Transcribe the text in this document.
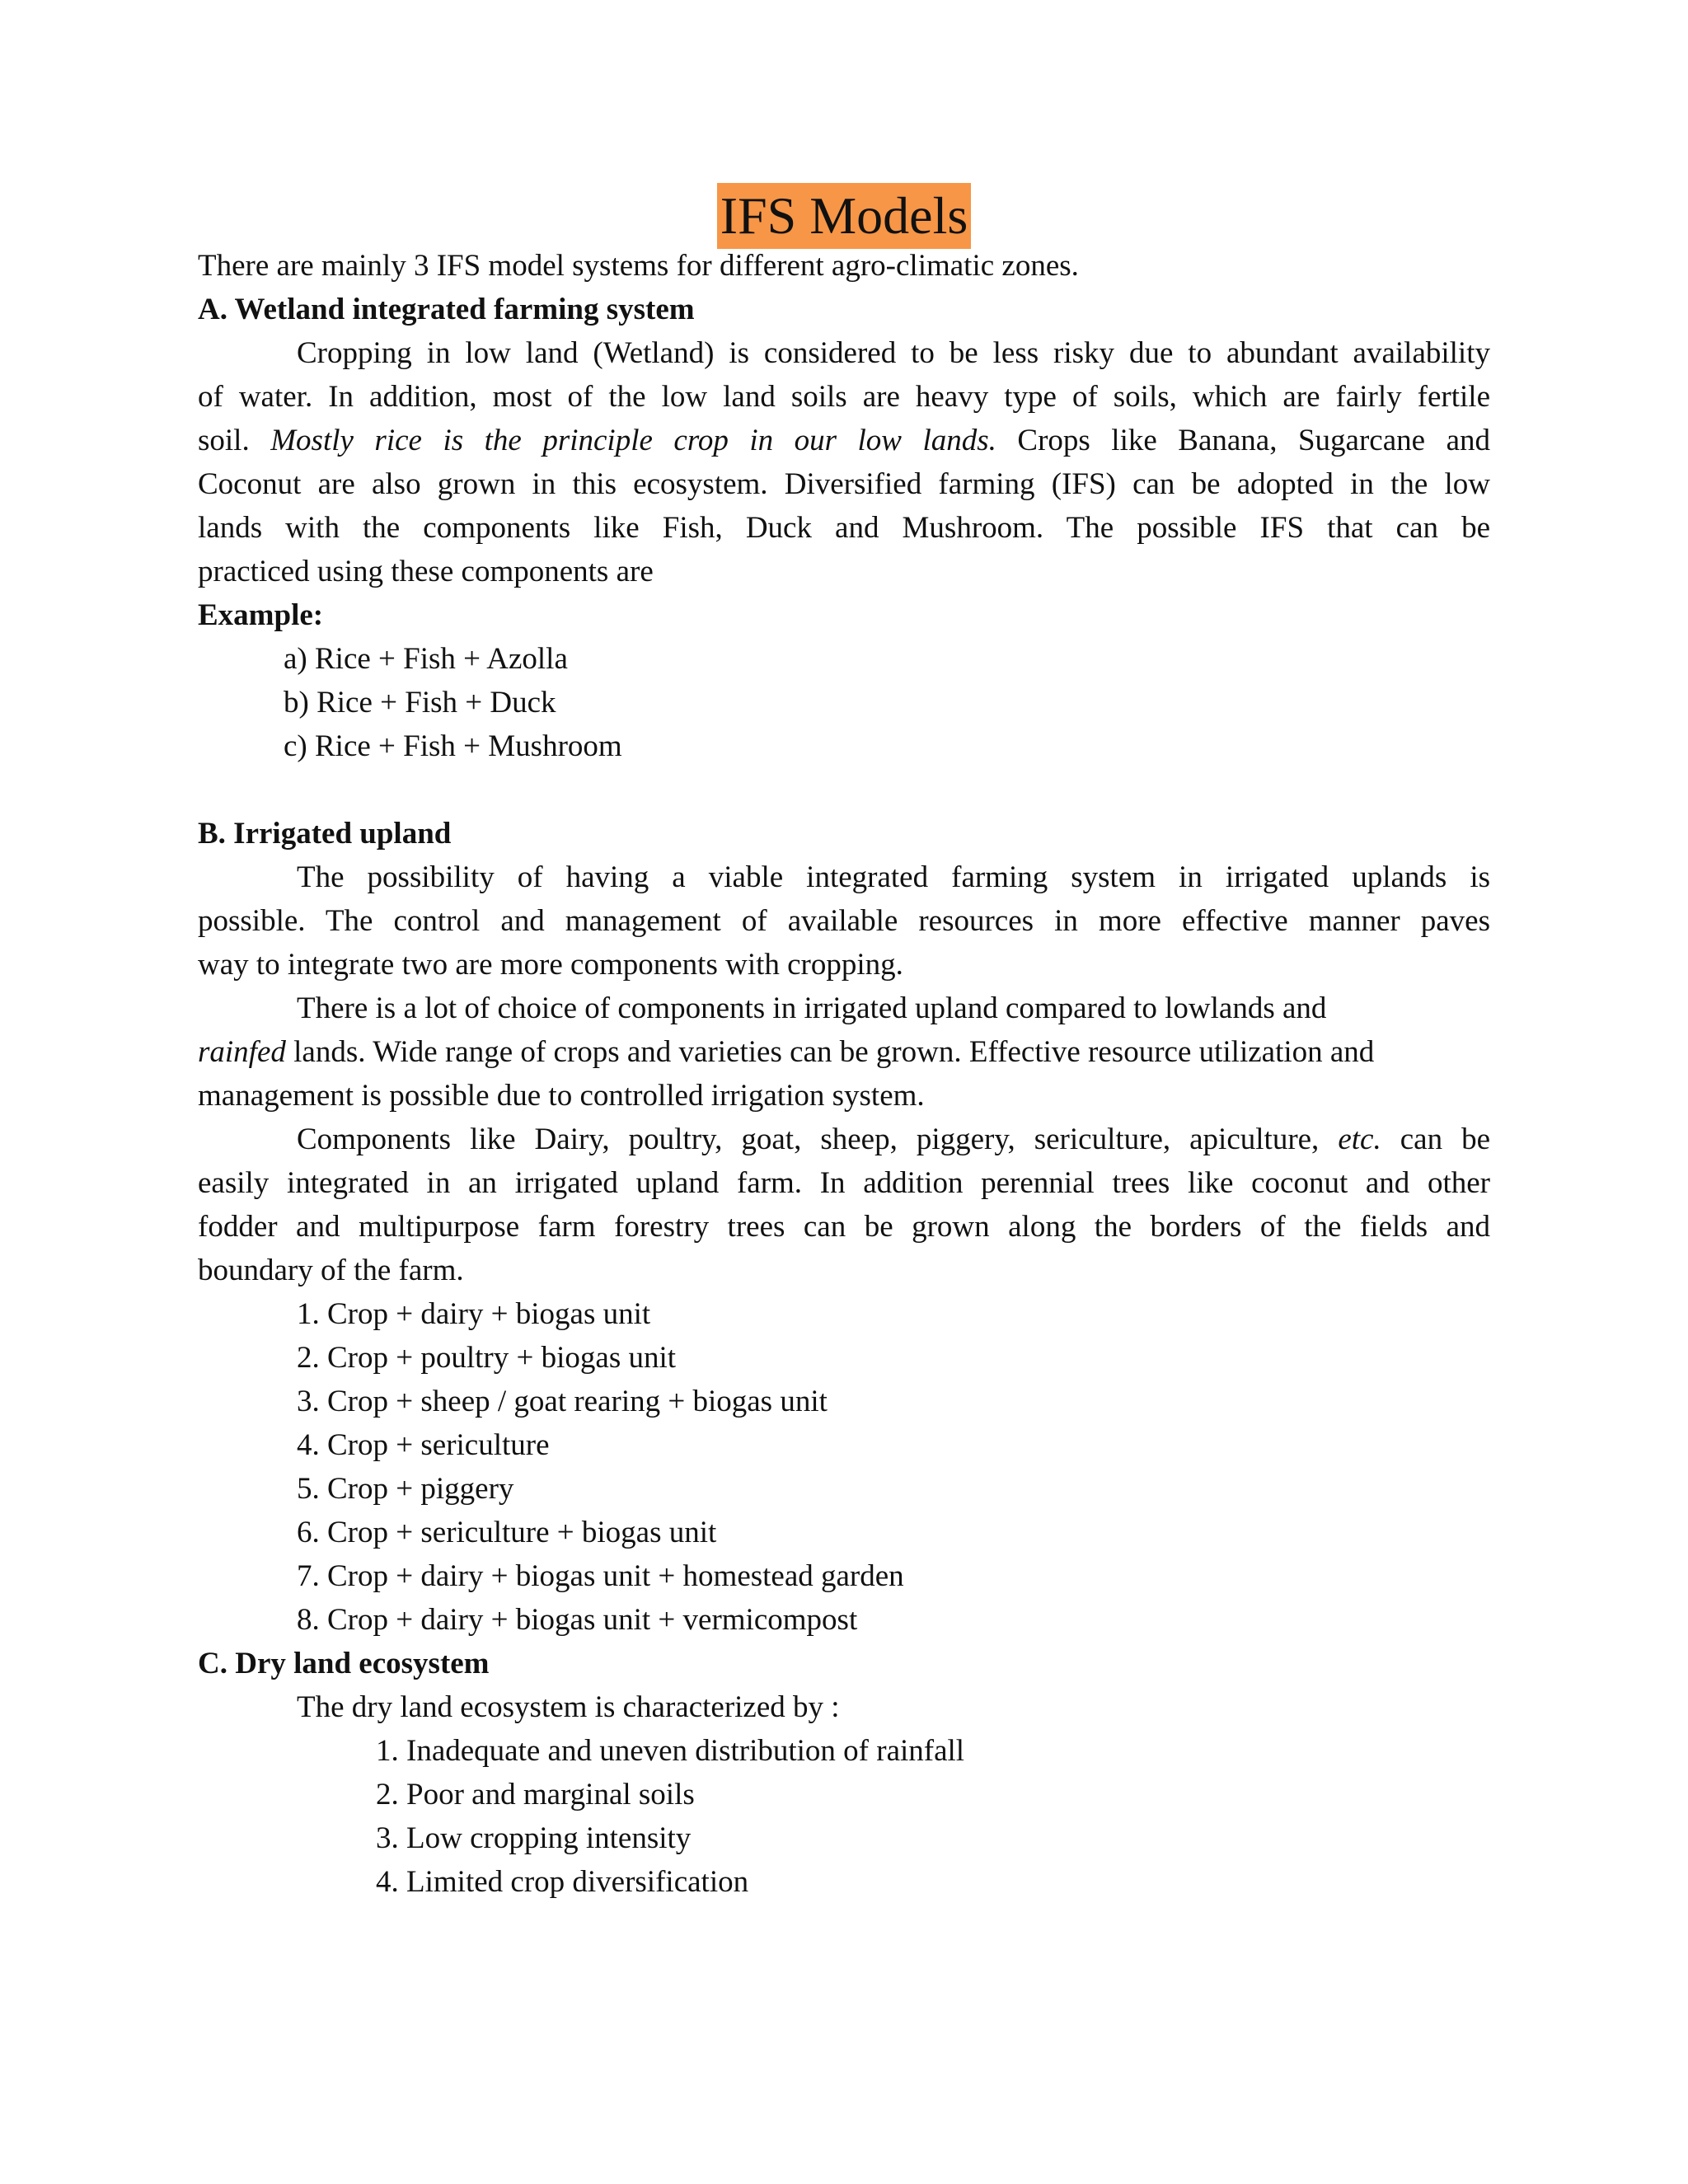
IFS Models
There are mainly 3 IFS model systems for different agro-climatic zones.
A. Wetland integrated farming system
Cropping in low land (Wetland) is considered to be less risky due to abundant availability
of water. In addition, most of the low land soils are heavy type of soils, which are fairly fertile
soil. Mostly rice is the principle crop in our low lands. Crops like Banana, Sugarcane and
Coconut are also grown in this ecosystem. Diversified farming (IFS) can be adopted in the low
lands with the components like Fish, Duck and Mushroom. The possible IFS that can be
practiced using these components are
Example:
a) Rice + Fish + Azolla
b) Rice + Fish + Duck
c) Rice + Fish + Mushroom
B. Irrigated upland
The possibility of having a viable integrated farming system in irrigated uplands is
possible. The control and management of available resources in more effective manner paves
way to integrate two are more components with cropping.
There is a lot of choice of components in irrigated upland compared to lowlands and
rainfed lands. Wide range of crops and varieties can be grown. Effective resource utilization and
management is possible due to controlled irrigation system.
Components like Dairy, poultry, goat, sheep, piggery, sericulture, apiculture, etc. can be
easily integrated in an irrigated upland farm. In addition perennial trees like coconut and other
fodder and multipurpose farm forestry trees can be grown along the borders of the fields and
boundary of the farm.
1. Crop + dairy + biogas unit
2. Crop + poultry + biogas unit
3. Crop + sheep / goat rearing + biogas unit
4. Crop + sericulture
5. Crop + piggery
6. Crop + sericulture + biogas unit
7. Crop + dairy + biogas unit + homestead garden
8. Crop + dairy + biogas unit + vermicompost
C. Dry land ecosystem
The dry land ecosystem is characterized by :
1. Inadequate and uneven distribution of rainfall
2. Poor and marginal soils
3. Low cropping intensity
4. Limited crop diversification
